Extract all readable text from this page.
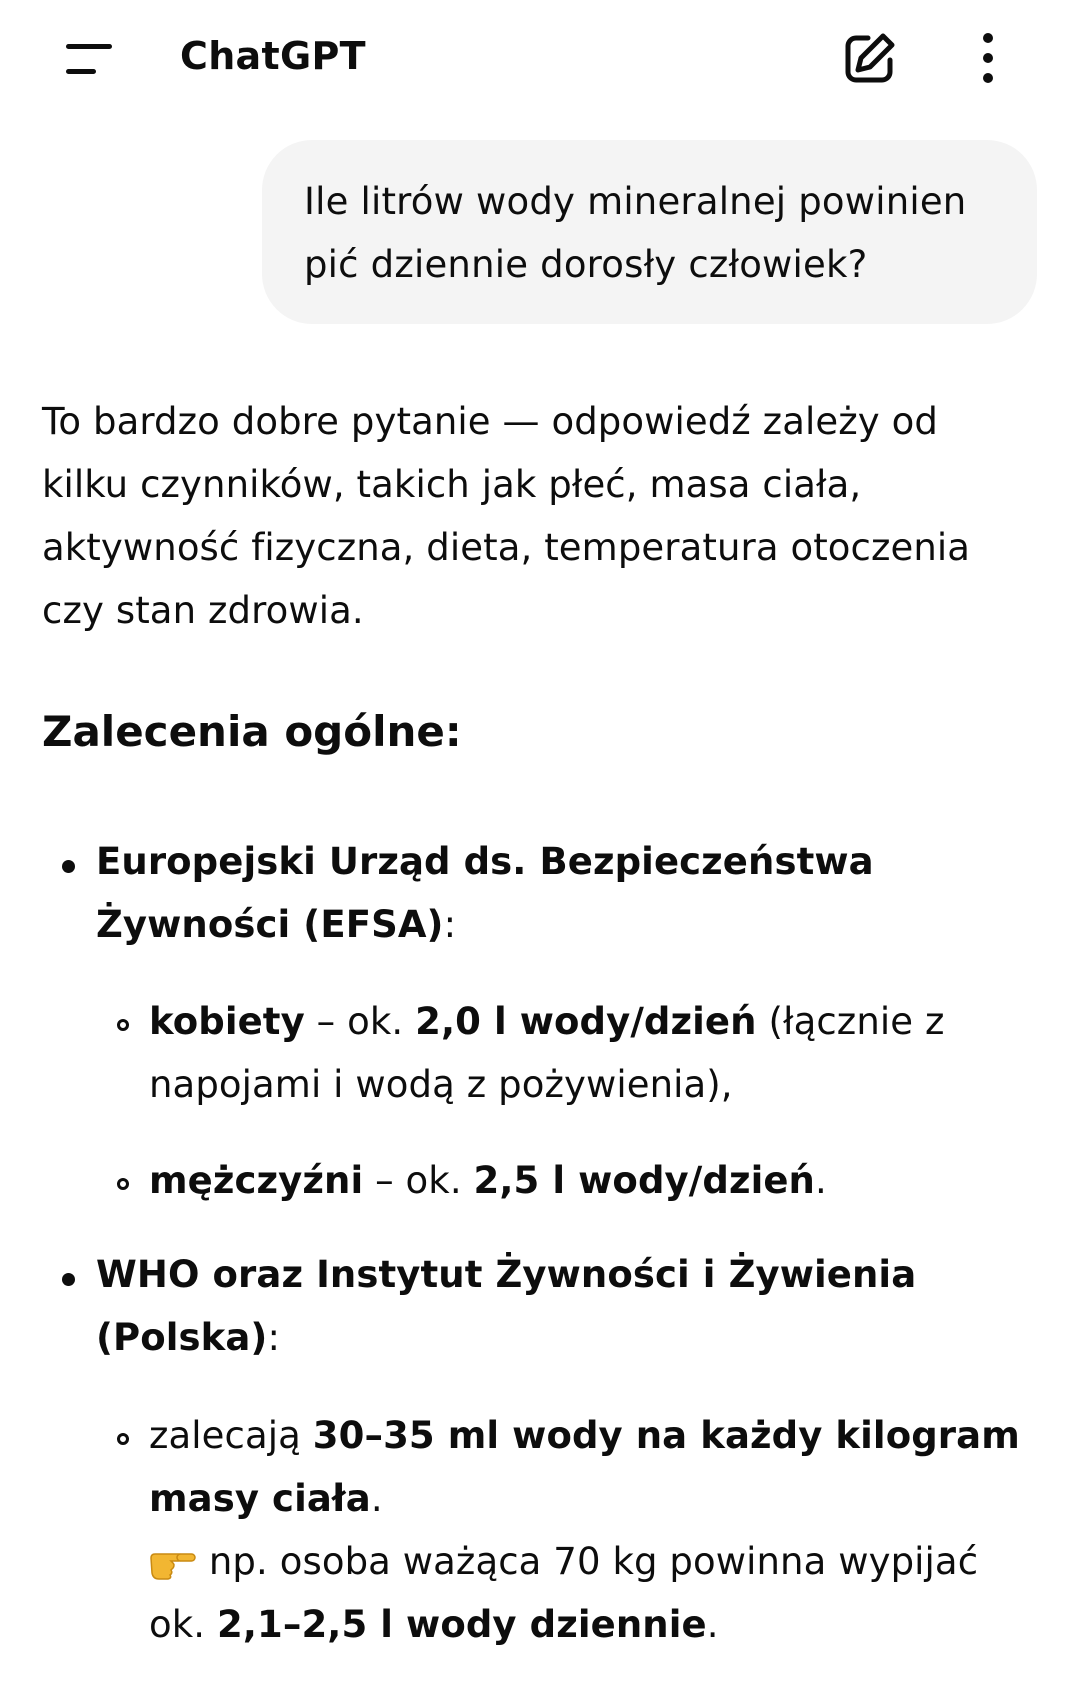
ChatGPT
Ile litrów wody mineralnej powinien pić dziennie dorosły człowiek?

To bardzo dobre pytanie — odpowiedź zależy od

kilku czynników, takich jak płeć, masa ciała,

aktywność fizyczna, dieta, temperatura otoczenia

czy stan zdrowia.

Zalecenia ogólne:
Europejski Urząd ds. Bezpieczeństwa
Żywności (EFSA):
kobiety – ok. 2,0 l wody/dzień (łącznie z
napojami i wodą z pożywienia),
mężczyźni – ok. 2,5 l wody/dzień.
WHO oraz Instytut Żywności i Żywienia
(Polska):
zalecają 30–35 ml wody na każdy kilogram
masy ciała.
np. osoba ważąca 70 kg powinna wypijać
ok. 2,1–2,5 l wody dziennie.
